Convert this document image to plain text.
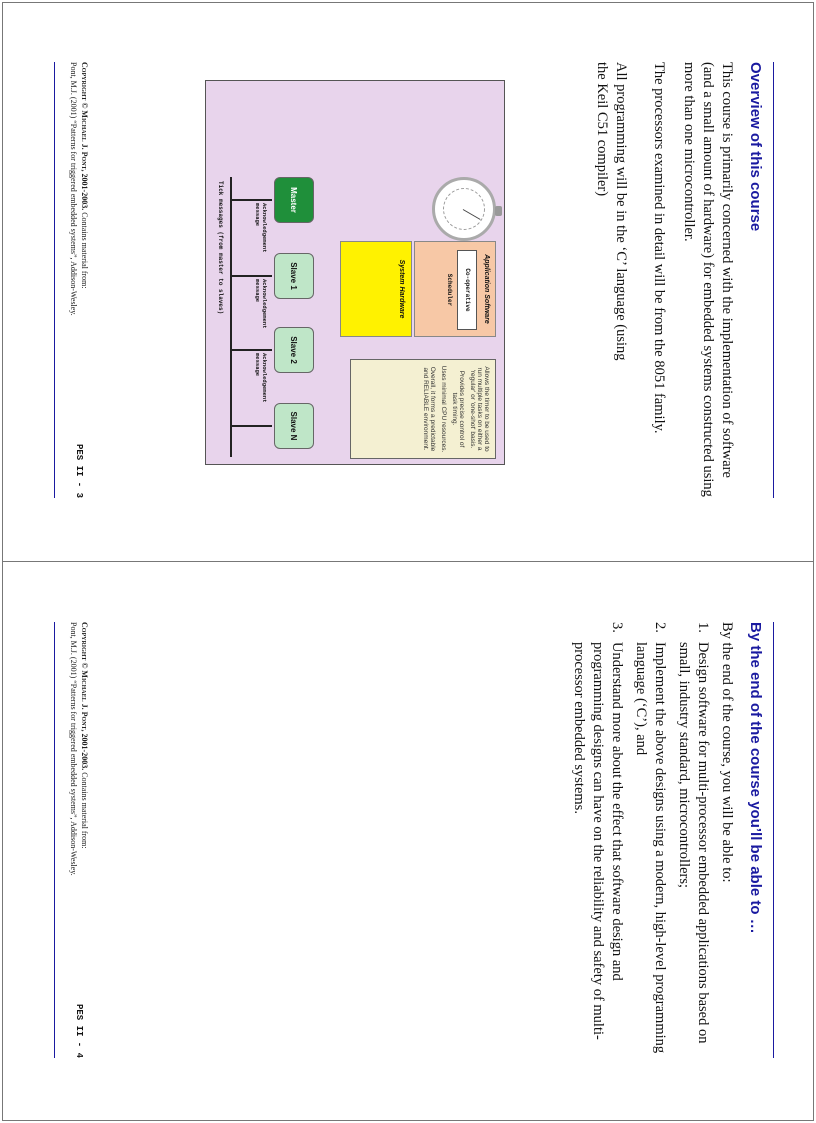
Overview of this course
This course is primarily concerned with the implementation of software (and a small amount of hardware) for embedded systems constructed using more than one microcontroller.
The processors examined in detail will be from the 8051 family.
All programming will be in the ‘C’ language (using the Keil C51 compiler)
Application Software
Co-operative Scheduler
System Hardware

Allows the timer to be used to run multiple tasks on either a 'regular' or 'one-shot' basis.

Provides precise control of task timing.

Uses minimal CPU resources.

Overall, it forms a predictable and RELIABLE environment.

Master
Slave 1
Slave 2
Slave N
Acknowledgement message
Acknowledgement message
Acknowledgement message
Tick messages (from master to slaves)
Copyright © Michael J. Pont, 2001-2003. Contains material from:
Pont, M.J. (2001) “Patterns for triggered embedded systems”, Addison-Wesley.
PES II - 3
By the end of the course you’ll be able to …
By the end of the course, you will be able to:
1.
Design software for multi-processor embedded applications based on small, industry standard, microcontrollers;
2.
Implement the above designs using a modern, high-level programming language (‘C’), and
3.
Understand more about the effect that software design and programming designs can have on the reliability and safety of multi-processor embedded systems.
Copyright © Michael J. Pont, 2001-2003. Contains material from:
Pont, M.J. (2001) “Patterns for triggered embedded systems”, Addison-Wesley.
PES II - 4
